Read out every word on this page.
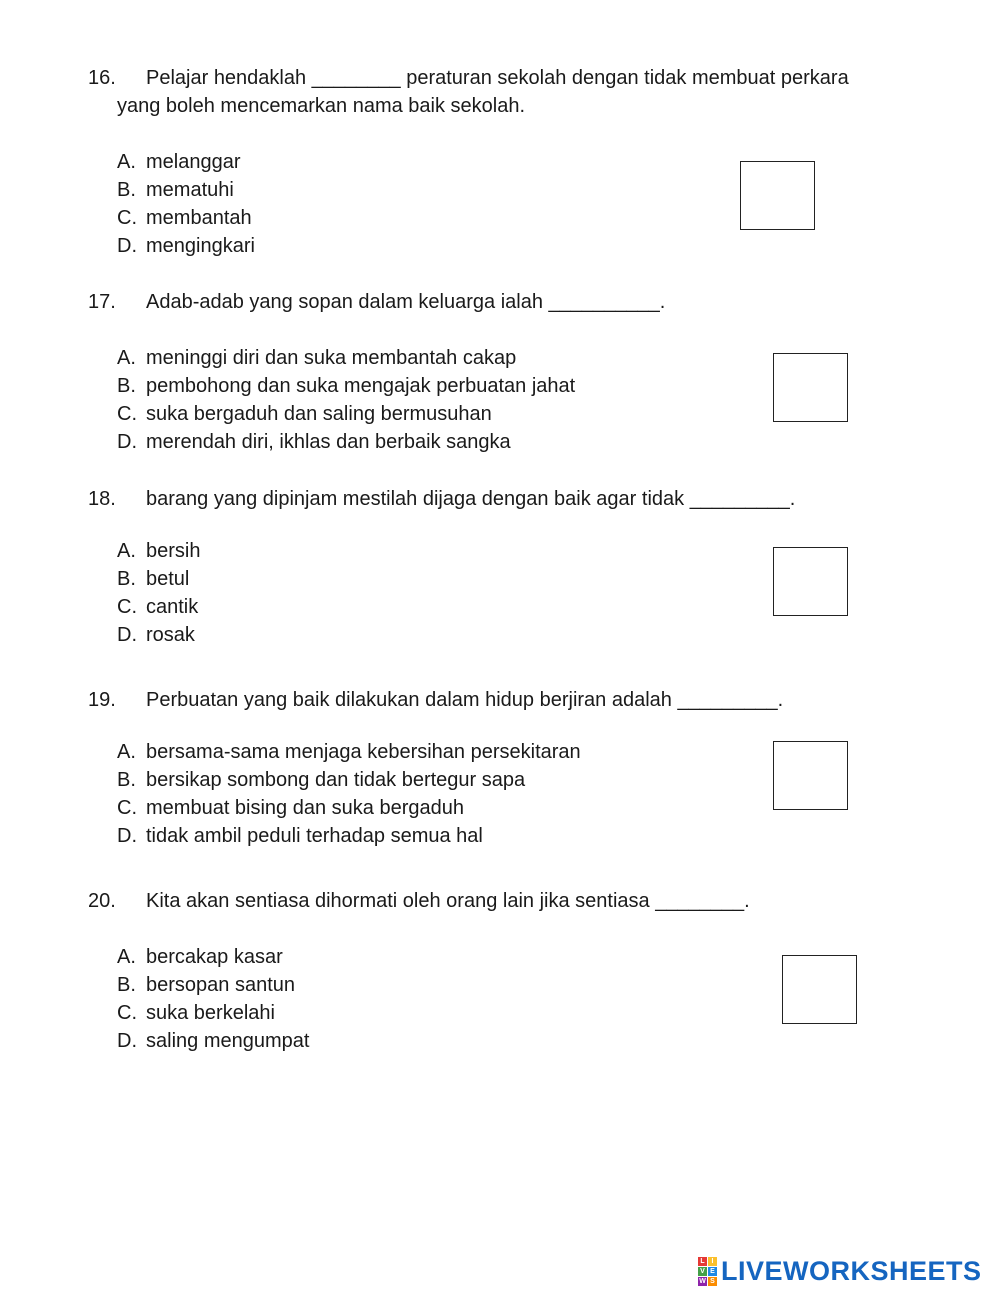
16. Pelajar hendaklah ________ peraturan sekolah dengan tidak membuat perkara
yang boleh mencemarkan nama baik sekolah.
A. melanggar
B. mematuhi
C. membantah
D. mengingkari
17. Adab-adab yang sopan dalam keluarga ialah __________.
A. meninggi diri dan suka membantah cakap
B. pembohong dan suka mengajak perbuatan jahat
C. suka bergaduh dan saling bermusuhan
D. merendah diri, ikhlas dan berbaik sangka
18. barang yang dipinjam mestilah dijaga dengan baik agar tidak _________.
A. bersih
B. betul
C. cantik
D. rosak
19. Perbuatan yang baik dilakukan dalam hidup berjiran adalah _________.
A. bersama-sama menjaga kebersihan persekitaran
B. bersikap sombong dan tidak bertegur sapa
C. membuat bising dan suka bergaduh
D. tidak ambil peduli terhadap semua hal
20. Kita akan sentiasa dihormati oleh orang lain jika sentiasa ________.
A. bercakap kasar
B. bersopan santun
C. suka berkelahi
D. saling mengumpat
L I
V E
W S LIVEWORKSHEETS
